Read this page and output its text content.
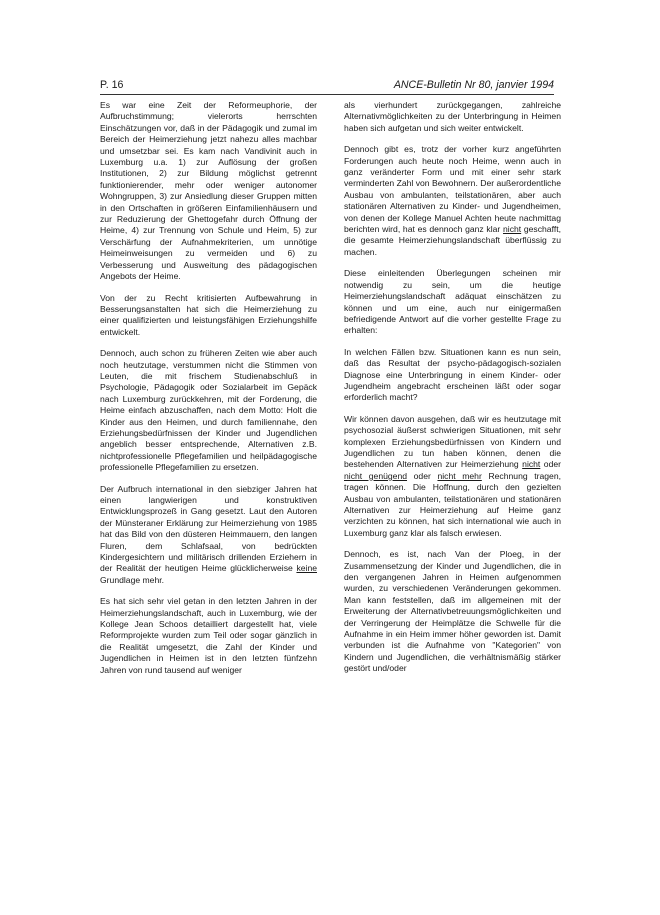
P. 16	ANCE-Bulletin Nr 80, janvier 1994

Es war eine Zeit der Reformeuphorie, der Aufbruchstimmung; vielerorts herrschten Einschätzungen vor, daß in der Pädagogik und zumal im Bereich der Heimerziehung jetzt nahezu alles machbar und umsetzbar sei. Es kam nach Vandivinit auch in Luxemburg u.a. 1) zur Auflösung der großen Institutionen, 2) zur Bildung möglichst getrennt funktionierender, mehr oder weniger autonomer Wohngruppen, 3) zur Ansiedlung dieser Gruppen mitten in den Ortschaften in größeren Einfamilienhäusern und zur Reduzierung der Ghettogefahr durch Öffnung der Heime, 4) zur Trennung von Schule und Heim, 5) zur Verschärfung der Aufnahmekriterien, um unnötige Heimeinweisungen zu vermeiden und 6) zu Verbesserung und Ausweitung des pädagogischen Angebots der Heime.

Von der zu Recht kritisierten Aufbewahrung in Besserungsanstalten hat sich die Heimerziehung zu einer qualifizierten und leistungsfähigen Erziehungshilfe entwickelt.

Dennoch, auch schon zu früheren Zeiten wie aber auch noch heutzutage, verstummen nicht die Stimmen von Leuten, die mit frischem Studienabschluß in Psychologie, Pädagogik oder Sozialarbeit im Gepäck nach Luxemburg zurückkehren, mit der Forderung, die Heime einfach abzuschaffen, nach dem Motto: Holt die Kinder aus den Heimen, und durch familiennahe, den Erziehungsbedürfnissen der Kinder und Jugendlichen angeblich besser entsprechende, Alternativen z.B. nichtprofessionelle Pflegefamilien und heilpädagogische professionelle Pflegefamilien zu ersetzen.

Der Aufbruch international in den siebziger Jahren hat einen langwierigen und konstruktiven Entwicklungsprozeß in Gang gesetzt. Laut den Autoren der Münsteraner Erklärung zur Heimerziehung von 1985 hat das Bild von den düsteren Heimmauern, den langen Fluren, dem Schlafsaal, von bedrückten Kindergesichtern und militärisch drillenden Erziehern in der Realität der heutigen Heime glücklicherweise keine Grundlage mehr.

Es hat sich sehr viel getan in den letzten Jahren in der Heimerziehungslandschaft, auch in Luxemburg, wie der Kollege Jean Schoos detailliert dargestellt hat, viele Reformprojekte wurden zum Teil oder sogar gänzlich in die Realität umgesetzt, die Zahl der Kinder und Jugendlichen in Heimen ist in den letzten fünfzehn Jahren von rund tausend auf weniger

als vierhundert zurückgegangen, zahlreiche Alternativmöglichkeiten zu der Unterbringung in Heimen haben sich aufgetan und sich weiter entwickelt.

Dennoch gibt es, trotz der vorher kurz angeführten Forderungen auch heute noch Heime, wenn auch in ganz veränderter Form und mit einer sehr stark verminderten Zahl von Bewohnern. Der außerordentliche Ausbau von ambulanten, teilstationären, aber auch stationären Alternativen zu Kinder- und Jugendheimen, von denen der Kollege Manuel Achten heute nachmittag berichten wird, hat es dennoch ganz klar nicht geschafft, die gesamte Heimerziehungslandschaft überflüssig zu machen.

Diese einleitenden Überlegungen scheinen mir notwendig zu sein, um die heutige Heimerziehungslandschaft adäquat einschätzen zu können und um eine, auch nur einigermaßen befriedigende Antwort auf die vorher gestellte Frage zu erhalten:

In welchen Fällen bzw. Situationen kann es nun sein, daß das Resultat der psycho-pädagogisch-sozialen Diagnose eine Unterbringung in einem Kinder- oder Jugendheim angebracht erscheinen läßt oder sogar erforderlich macht?

Wir können davon ausgehen, daß wir es heutzutage mit psychosozial äußerst schwierigen Situationen, mit sehr komplexen Erziehungsbedürfnissen von Kindern und Jugendlichen zu tun haben können, denen die bestehenden Alternativen zur Heimerziehung nicht oder nicht genügend oder nicht mehr Rechnung tragen, tragen können. Die Hoffnung, durch den gezielten Ausbau von ambulanten, teilstationären und stationären Alternativen zur Heimerziehung auf Heime ganz verzichten zu können, hat sich international wie auch in Luxemburg ganz klar als falsch erwiesen.

Dennoch, es ist, nach Van der Ploeg, in der Zusammensetzung der Kinder und Jugendlichen, die in den vergangenen Jahren in Heimen aufgenommen wurden, zu verschiedenen Veränderungen gekommen. Man kann feststellen, daß im allgemeinen mit der Erweiterung der Alternativbetreuungsmöglichkeiten und der Verringerung der Heimplätze die Schwelle für die Aufnahme in ein Heim immer höher geworden ist. Damit verbunden ist die Aufnahme von "Kategorien" von Kindern und Jugendlichen, die verhältnismäßig stärker gestört und/oder
